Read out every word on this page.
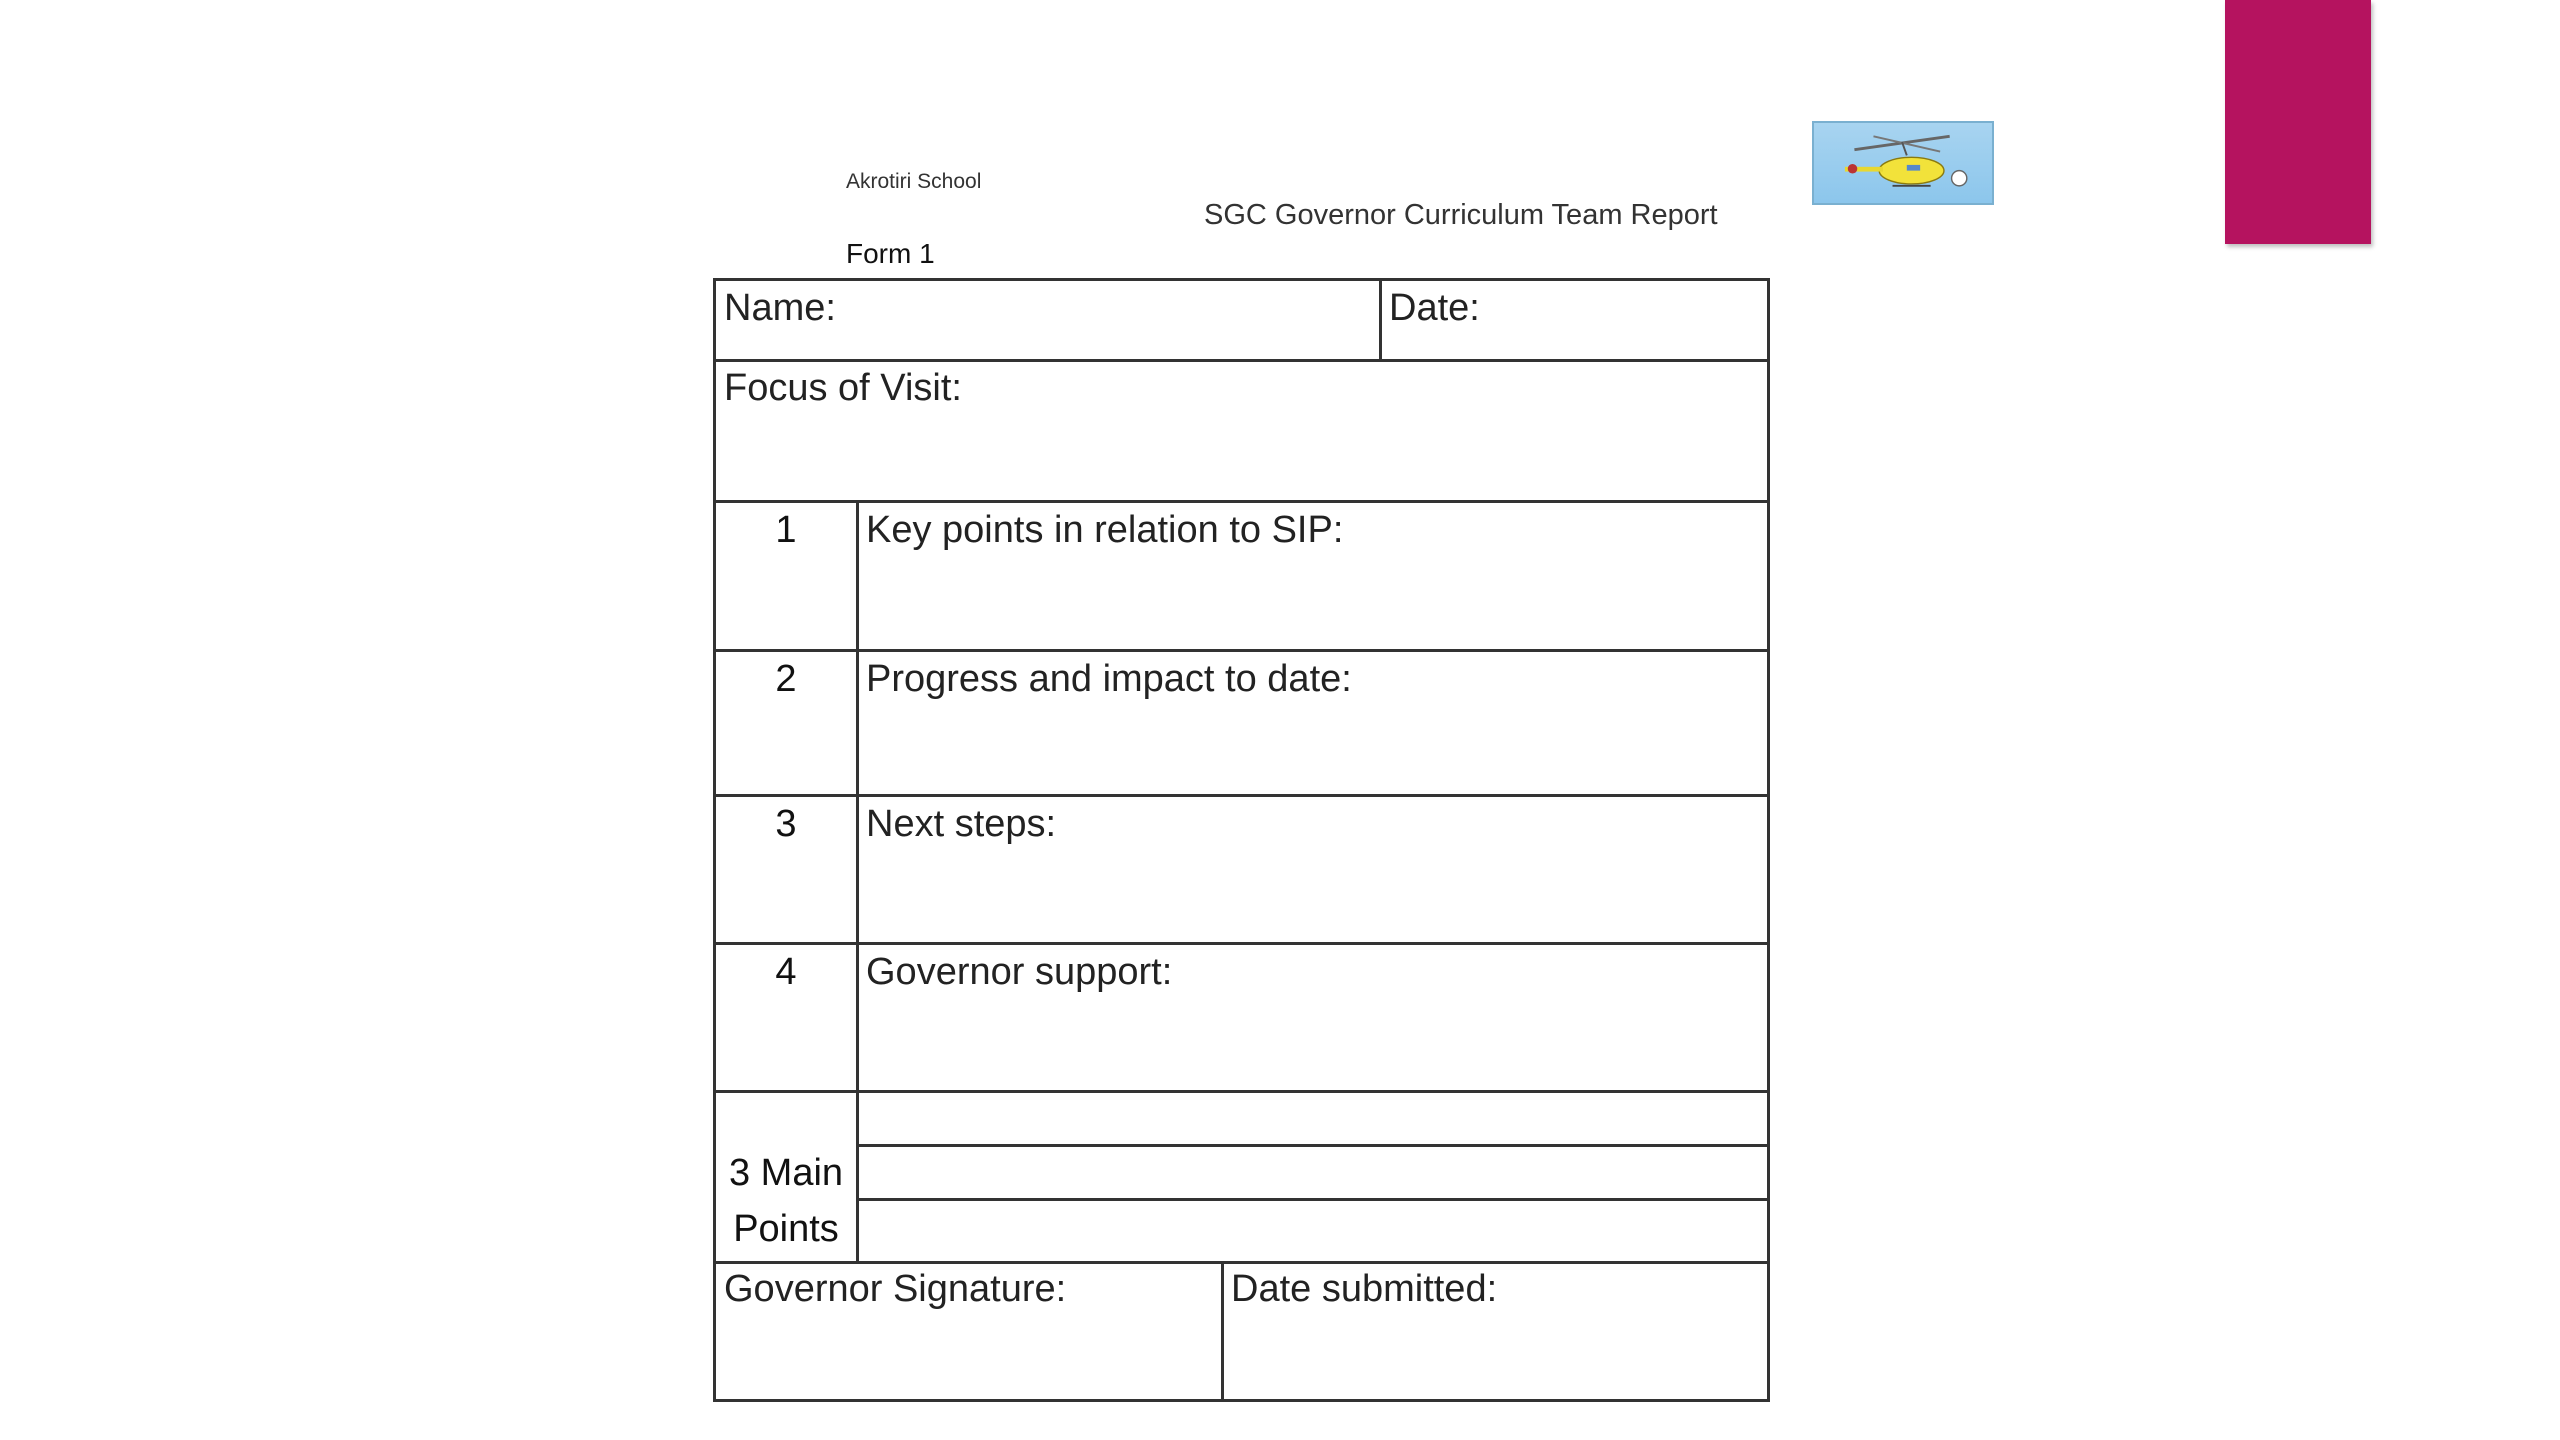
Akrotiri School
SGC Governor Curriculum Team Report
Form 1
Name:	Date:
Focus of Visit:
1	Key points in relation to SIP:
2	Progress and impact to date:
3	Next steps:
4	Governor support:
3 Main
Points
Governor Signature:	Date submitted:
